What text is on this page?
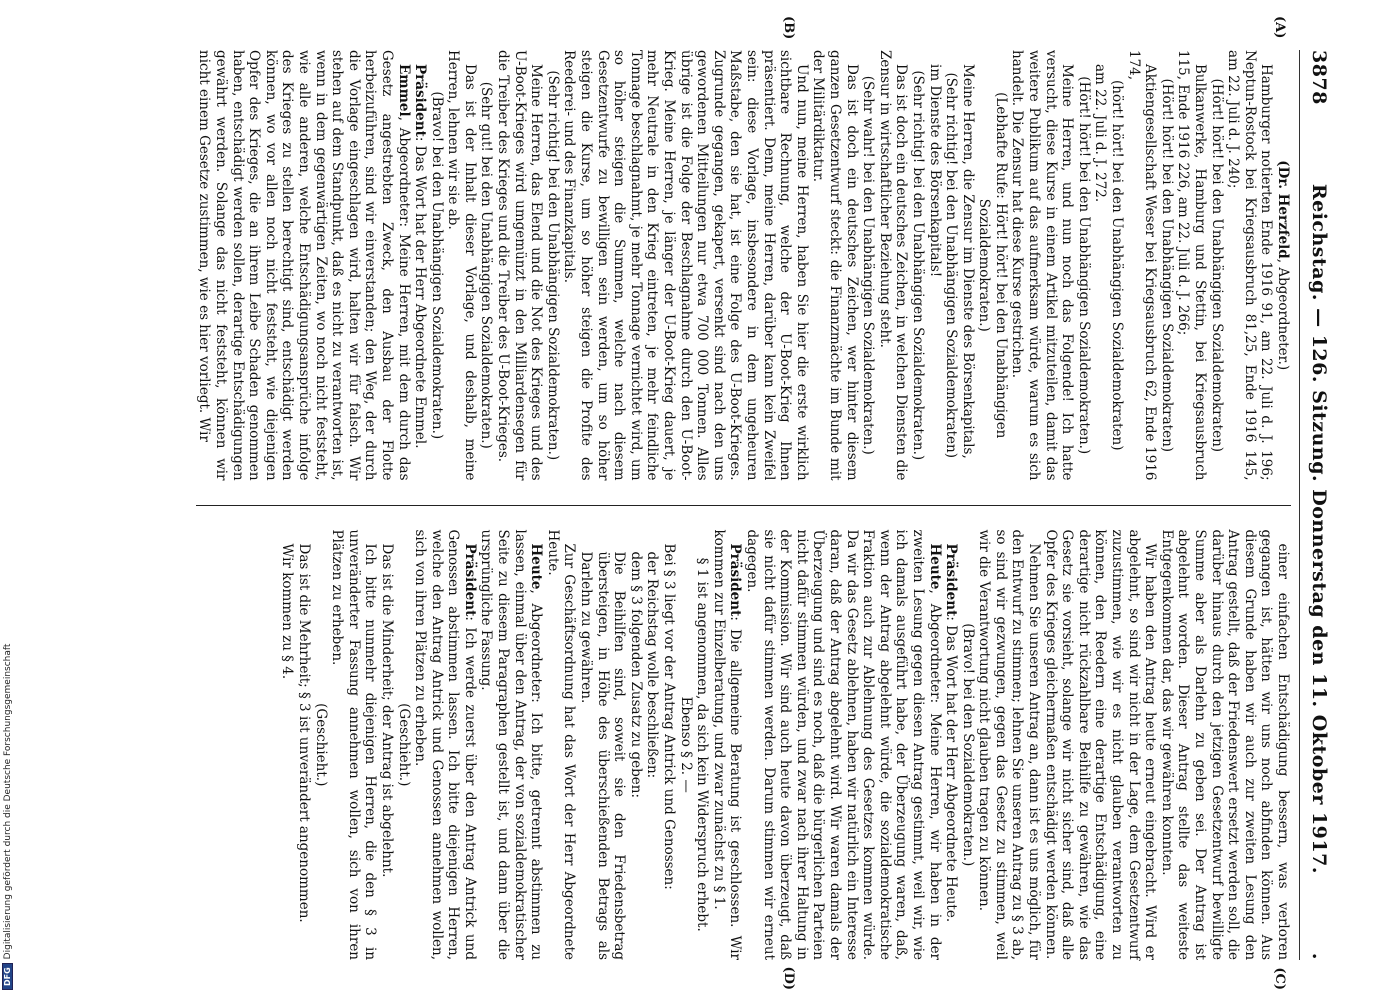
3878
Reichstag. — 126. Sitzung. Donnerstag den 11. Oktober 1917.
.
(A)
(B)

(Dr. Herzfeld, Abgeordneter.)

Hamburger notierten Ende 1916 91, am 22. Juli d. J. 196; Neptun-Rostock bei Kriegsausbruch 81,25, Ende 1916 145, am 22. Juli d. J. 240;

(Hört! hört! bei den Unabhängigen Sozialdemokraten)

Bulkanwerke, Hamburg und Stettin, bei Kriegsausbruch 115, Ende 1916 226, am 22. Juli d. J. 266;

(Hört! hört! bei den Unabhängigen Sozialdemokraten)

Aktiengesellschaft Weser bei Kriegsausbruch 62, Ende 1916 174,

(hört! hört! bei den Unabhängigen Sozialdemokraten)

am 22. Juli d. J. 272.

(Hört! hört! bei den Unabhängigen Sozialdemokraten.)

Meine Herren, und nun noch das Folgende! Ich hatte versucht, diese Kurse in einem Artikel mitzuteilen, damit das weitere Publikum auf das aufmerksam würde, warum es sich handelt. Die Zensur hat diese Kurse gestrichen.

(Lebhafte Rufe: Hört! hört! bei den Unabhängigen Sozialdemokraten.)

Meine Herren, die Zensur im Dienste des Börsenkapitals,

(Sehr richtig! bei den Unabhängigen Sozialdemokraten)

im Dienste des Börsenkapitals!

(Sehr richtig! bei den Unabhängigen Sozialdemokraten.)

Das ist doch ein deutsches Zeichen, in welchen Diensten die Zensur in wirtschaftlicher Beziehung steht.

(Sehr wahr! bei den Unabhängigen Sozialdemokraten.)

Das ist doch ein deutsches Zeichen, wer hinter diesem ganzen Gesetzentwurf steckt: die Finanzmächte im Bunde mit der Militärdiktatur.

Und nun, meine Herren, haben Sie hier die erste wirklich sichtbare Rechnung, welche der U-Boot-Krieg Ihnen präsentiert. Denn, meine Herren, darüber kann kein Zweifel sein: diese Vorlage, insbesondere in dem ungeheuren Maßstabe, den sie hat, ist eine Folge des U-Boot-Krieges. Zugrunde gegangen, gekapert, versenkt sind nach den uns gewordenen Mitteilungen nur etwa 700 000 Tonnen. Alles übrige ist die Folge der Beschlagnahme durch den U-Boot-Krieg. Meine Herren, je länger der U-Boot-Krieg dauert, je mehr Neutrale in den Krieg eintreten, je mehr feindliche Tonnage beschlagnahmt, je mehr Tonnage vernichtet wird, um so höher steigen die Summen, welche nach diesem Gesetzentwurfe zu bewilligen sein werden, um so höher steigen die Kurse, um so höher steigen die Profite des Reederei- und des Finanzkapitals.

(Sehr richtig! bei den Unabhängigen Sozialdemokraten.)

Meine Herren, das Elend und die Not des Krieges und des U-Boot-Krieges wird umgemünzt in den Milliardensegen für die Treiber des Krieges und die Treiber des U-Boot-Krieges.

(Sehr gut! bei den Unabhängigen Sozialdemokraten.)

Das ist der Inhalt dieser Vorlage, und deshalb, meine Herren, lehnen wir sie ab.

(Bravo! bei den Unabhängigen Sozialdemokraten.)

Präsident: Das Wort hat der Herr Abgeordnete Emmel.

Emmel, Abgeordneter: Meine Herren, mit dem durch das Gesetz angestrebten Zweck, den Ausbau der Flotte herbeizuführen, sind wir einverstanden; den Weg, der durch die Vorlage eingeschlagen wird, halten wir für falsch. Wir stehen auf dem Standpunkt, daß es nicht zu verantworten ist, wenn in dem gegenwärtigen Zeiten, wo noch nicht feststeht, wie alle anderen, welche Entschädigungsansprüche infolge des Krieges zu stellen berechtigt sind, entschädigt werden können, wo vor allen noch nicht feststeht, wie diejenigen Opfer des Krieges, die an ihrem Leibe Schaden genommen haben, entschädigt werden sollen, derartige Entschädigungen gewährt werden. Solange das nicht feststeht, können wir nicht einem Gesetze zustimmen, wie es hier vorliegt. Wir

(C)
(D)

einer einfachen Entschädigung bessern, was verloren gegangen ist, hätten wir uns noch abfinden können. Aus diesem Grunde haben wir auch zur zweiten Lesung den Antrag gestellt, daß der Friedenswert ersetzt werden soll, die darüber hinaus durch den jetzigen Gesetzentwurf bewilligte Summe aber als Darlehn zu geben sei. Der Antrag ist abgelehnt worden. Dieser Antrag stellte das weiteste Entgegenkommen dar, das wir gewähren konnten.

Wir haben den Antrag heute erneut eingebracht. Wird er abgelehnt, so sind wir nicht in der Lage, dem Gesetzentwurf zuzustimmen, wie wir es nicht glauben verantworten zu können, den Reedern eine derartige Entschädigung, eine derartige nicht rückzahlbare Beihilfe zu gewähren, wie das Gesetz sie vorsieht, solange wir nicht sicher sind, daß alle Opfer des Krieges gleichermaßen entschädigt werden können.

Nehmen Sie unseren Antrag an, dann ist es uns möglich, für den Entwurf zu stimmen; lehnen Sie unseren Antrag zu § 3 ab, so sind wir gezwungen, gegen das Gesetz zu stimmen, weil wir die Verantwortung nicht glauben tragen zu können.

(Bravo! bei den Sozialdemokraten.)

Präsident: Das Wort hat der Herr Abgeordnete Heute.

Heute, Abgeordneter: Meine Herren, wir haben in der zweiten Lesung gegen diesen Antrag gestimmt, weil wir, wie ich damals ausgeführt habe, der Überzeugung waren, daß, wenn der Antrag abgelehnt würde, die sozialdemokratische Fraktion auch zur Ablehnung des Gesetzes kommen würde. Da wir das Gesetz ablehnen, haben wir natürlich ein Interesse daran, daß der Antrag abgelehnt wird. Wir waren damals der Überzeugung und sind es noch, daß die bürgerlichen Parteien nicht dafür stimmen würden, und zwar nach ihrer Haltung in der Kommission. Wir sind auch heute davon überzeugt, daß sie nicht dafür stimmen werden. Darum stimmen wir erneut dagegen.

Präsident: Die allgemeine Beratung ist geschlossen. Wir kommen zur Einzelberatung, und zwar zunächst zu § 1.

§ 1 ist angenommen, da sich kein Widerspruch erhebt.

Ebenso § 2. —

Bei § 3 liegt vor der Antrag Antrick und Genossen:

der Reichstag wolle beschließen:

dem § 3 folgenden Zusatz zu geben:

Die Beihilfen sind, soweit sie den Friedensbetrag übersteigen, in Höhe des überschießenden Betrags als Darlehn zu gewähren.

Zur Geschäftsordnung hat das Wort der Herr Abgeordnete Heute.

Heute, Abgeordneter: Ich bitte, getrennt abstimmen zu lassen, einmal über den Antrag, der von sozialdemokratischer Seite zu diesem Paragraphen gestellt ist, und dann über die ursprüngliche Fassung.

Präsident: Ich werde zuerst über den Antrag Antrick und Genossen abstimmen lassen. Ich bitte diejenigen Herren, welche den Antrag Antrick und Genossen annehmen wollen, sich von ihren Plätzen zu erheben.

(Geschieht.)

Das ist die Minderheit; der Antrag ist abgelehnt.

Ich bitte nunmehr diejenigen Herren, die den § 3 in unveränderter Fassung annehmen wollen, sich von ihren Plätzen zu erheben.

(Geschieht.)

Das ist die Mehrheit; § 3 ist unverändert angenommen.

Wir kommen zu § 4.

DFGDigitalisierung gefördert durch die Deutsche Forschungsgemeinschaft
